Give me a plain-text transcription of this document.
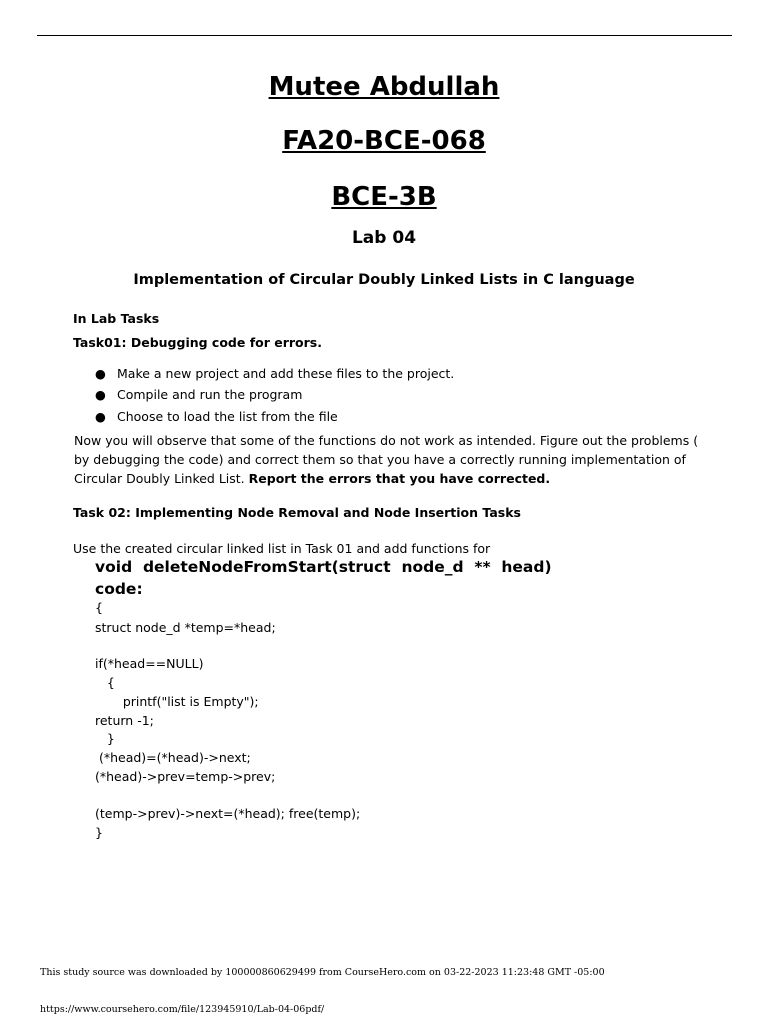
Mutee Abdullah
FA20-BCE-068
BCE-3B
Lab 04
Implementation of Circular Doubly Linked Lists in C language
In Lab Tasks
Task01: Debugging code for errors.
● Make a new project and add these files to the project.
● Compile and run the program
● Choose to load the list from the file
Now you will observe that some of the functions do not work as intended. Figure out the problems ( by debugging the code) and correct them so that you have a correctly running implementation of Circular Doubly Linked List. Report the errors that you have corrected.
Task 02: Implementing Node Removal and Node Insertion Tasks
Use the created circular linked list in Task 01 and add functions for
void  deleteNodeFromStart(struct  node_d  **  head)
code:
{
struct node_d *temp=*head;
if(*head==NULL)
{
printf("list is Empty");
return -1;
}
(*head)=(*head)->next;
(*head)->prev=temp->prev;
(temp->prev)->next=(*head); free(temp);
}
This study source was downloaded by 100000860629499 from CourseHero.com on 03-22-2023 11:23:48 GMT -05:00
https://www.coursehero.com/file/123945910/Lab-04-06pdf/
